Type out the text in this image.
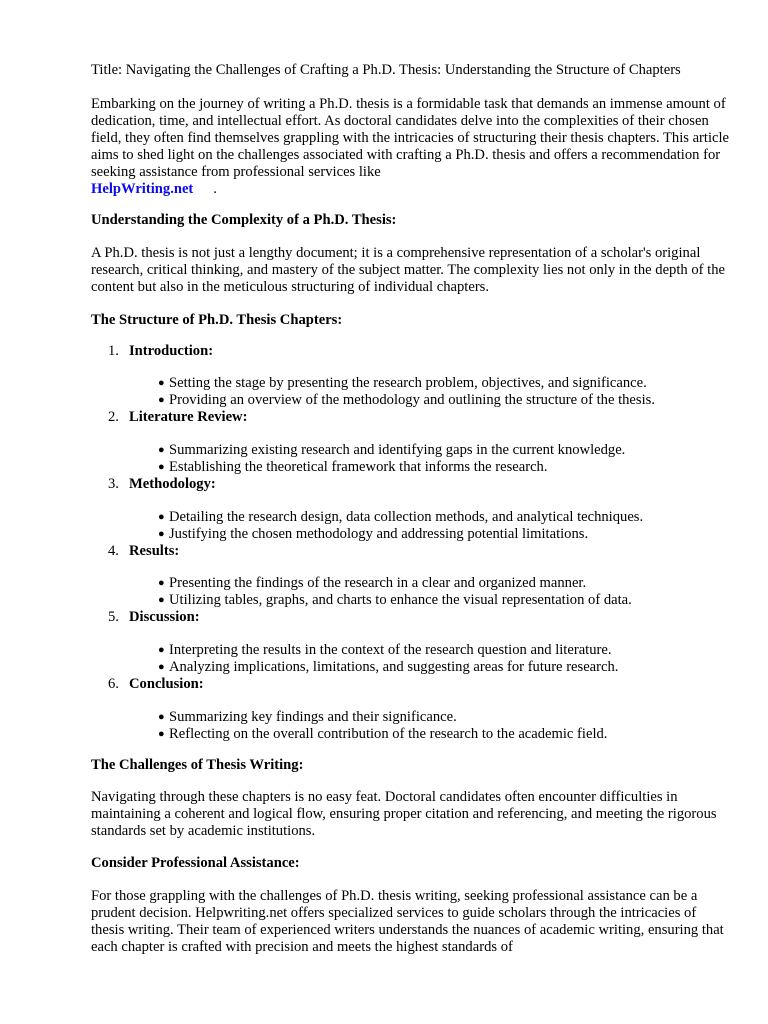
Title: Navigating the Challenges of Crafting a Ph.D. Thesis: Understanding the Structure of Chapters

Embarking on the journey of writing a Ph.D. thesis is a formidable task that demands an immense amount of dedication, time, and intellectual effort. As doctoral candidates delve into the complexities of their chosen field, they often find themselves grappling with the intricacies of structuring their thesis chapters. This article aims to shed light on the challenges associated with crafting a Ph.D. thesis and offers a recommendation for seeking assistance from professional services like
HelpWriting.net .

Understanding the Complexity of a Ph.D. Thesis:

A Ph.D. thesis is not just a lengthy document; it is a comprehensive representation of a scholar's original research, critical thinking, and mastery of the subject matter. The complexity lies not only in the depth of the content but also in the meticulous structuring of individual chapters.

The Structure of Ph.D. Thesis Chapters:

1. Introduction:
● Setting the stage by presenting the research problem, objectives, and significance.
● Providing an overview of the methodology and outlining the structure of the thesis.
2. Literature Review:
● Summarizing existing research and identifying gaps in the current knowledge.
● Establishing the theoretical framework that informs the research.
3. Methodology:
● Detailing the research design, data collection methods, and analytical techniques.
● Justifying the chosen methodology and addressing potential limitations.
4. Results:
● Presenting the findings of the research in a clear and organized manner.
● Utilizing tables, graphs, and charts to enhance the visual representation of data.
5. Discussion:
● Interpreting the results in the context of the research question and literature.
● Analyzing implications, limitations, and suggesting areas for future research.
6. Conclusion:
● Summarizing key findings and their significance.
● Reflecting on the overall contribution of the research to the academic field.

The Challenges of Thesis Writing:

Navigating through these chapters is no easy feat. Doctoral candidates often encounter difficulties in maintaining a coherent and logical flow, ensuring proper citation and referencing, and meeting the rigorous standards set by academic institutions.

Consider Professional Assistance:

For those grappling with the challenges of Ph.D. thesis writing, seeking professional assistance can be a prudent decision. Helpwriting.net offers specialized services to guide scholars through the intricacies of thesis writing. Their team of experienced writers understands the nuances of academic writing, ensuring that each chapter is crafted with precision and meets the highest standards of
